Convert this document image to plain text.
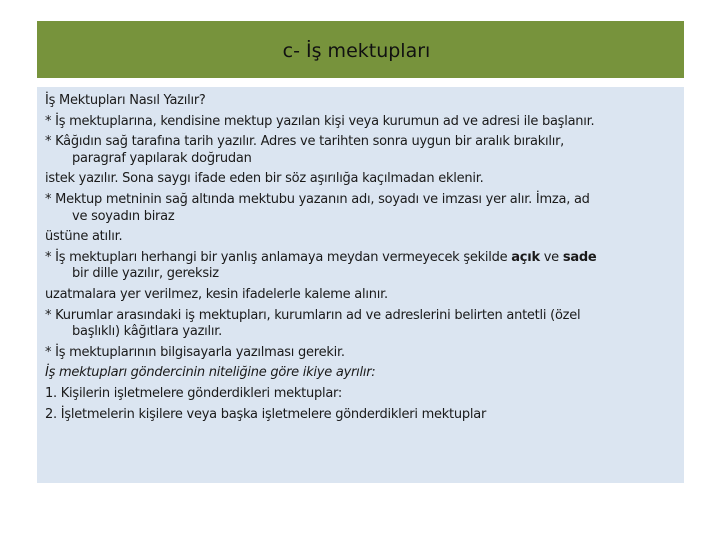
c- İş mektupları
İş Mektupları Nasıl Yazılır?
* İş mektuplarına, kendisine mektup yazılan kişi veya kurumun ad ve adresi ile başlanır.
* Kâğıdın sağ tarafına tarih yazılır. Adres ve tarihten sonra uygun bir aralık bırakılır,
paragraf yapılarak doğrudan
istek yazılır. Sona saygı ifade eden bir söz aşırılığa kaçılmadan eklenir.
* Mektup metninin sağ altında mektubu yazanın adı, soyadı ve imzası yer alır. İmza, ad
ve soyadın biraz
üstüne atılır.
* İş mektupları herhangi bir yanlış anlamaya meydan vermeyecek şekilde açık ve sade
bir dille yazılır, gereksiz
uzatmalara yer verilmez, kesin ifadelerle kaleme alınır.
* Kurumlar arasındaki iş mektupları, kurumların ad ve adreslerini belirten antetli (özel
başlıklı) kâğıtlara yazılır.
* İş mektuplarının bilgisayarla yazılması gerekir.
İş mektupları göndercinin niteliğine göre ikiye ayrılır:
1. Kişilerin işletmelere gönderdikleri mektuplar:
2. İşletmelerin kişilere veya başka işletmelere gönderdikleri mektuplar
